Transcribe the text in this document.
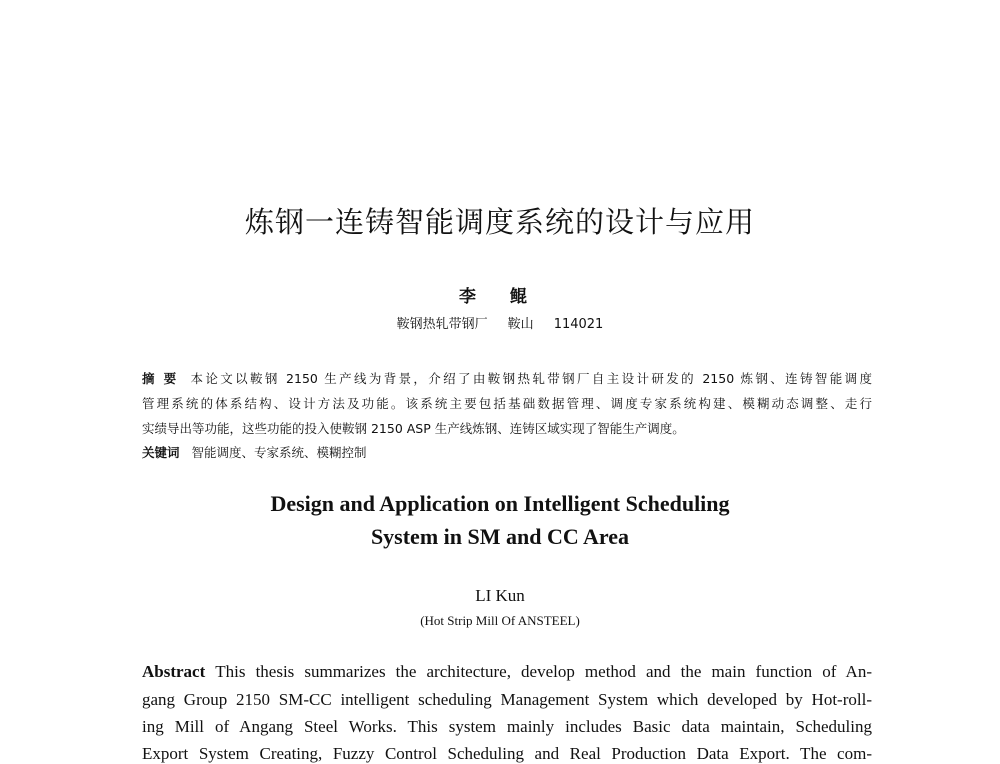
炼钢一连铸智能调度系统的设计与应用
李 鲲
鞍钢热轧带钢厂 鞍山 114021
摘 要 本论文以鞍钢 2150 生产线为背景，介绍了由鞍钢热轧带钢厂自主设计研发的 2150 炼钢、连铸智能调度
管理系统的体系结构、设计方法及功能。该系统主要包括基础数据管理、调度专家系统构建、模糊动态调整、走行
实绩导出等功能，这些功能的投入使鞍钢 2150 ASP 生产线炼钢、连铸区域实现了智能生产调度。
关键词 智能调度、专家系统、模糊控制
Design and Application on Intelligent Scheduling
System in SM and CC Area
LI Kun
(Hot Strip Mill Of ANSTEEL)
Abstract This thesis summarizes the architecture, develop method and the main function of An-
gang Group 2150 SM-CC intelligent scheduling Management System which developed by Hot-roll-
ing Mill of Angang Steel Works. This system mainly includes Basic data maintain, Scheduling
Export System Creating, Fuzzy Control Scheduling and Real Production Data Export. The com-
